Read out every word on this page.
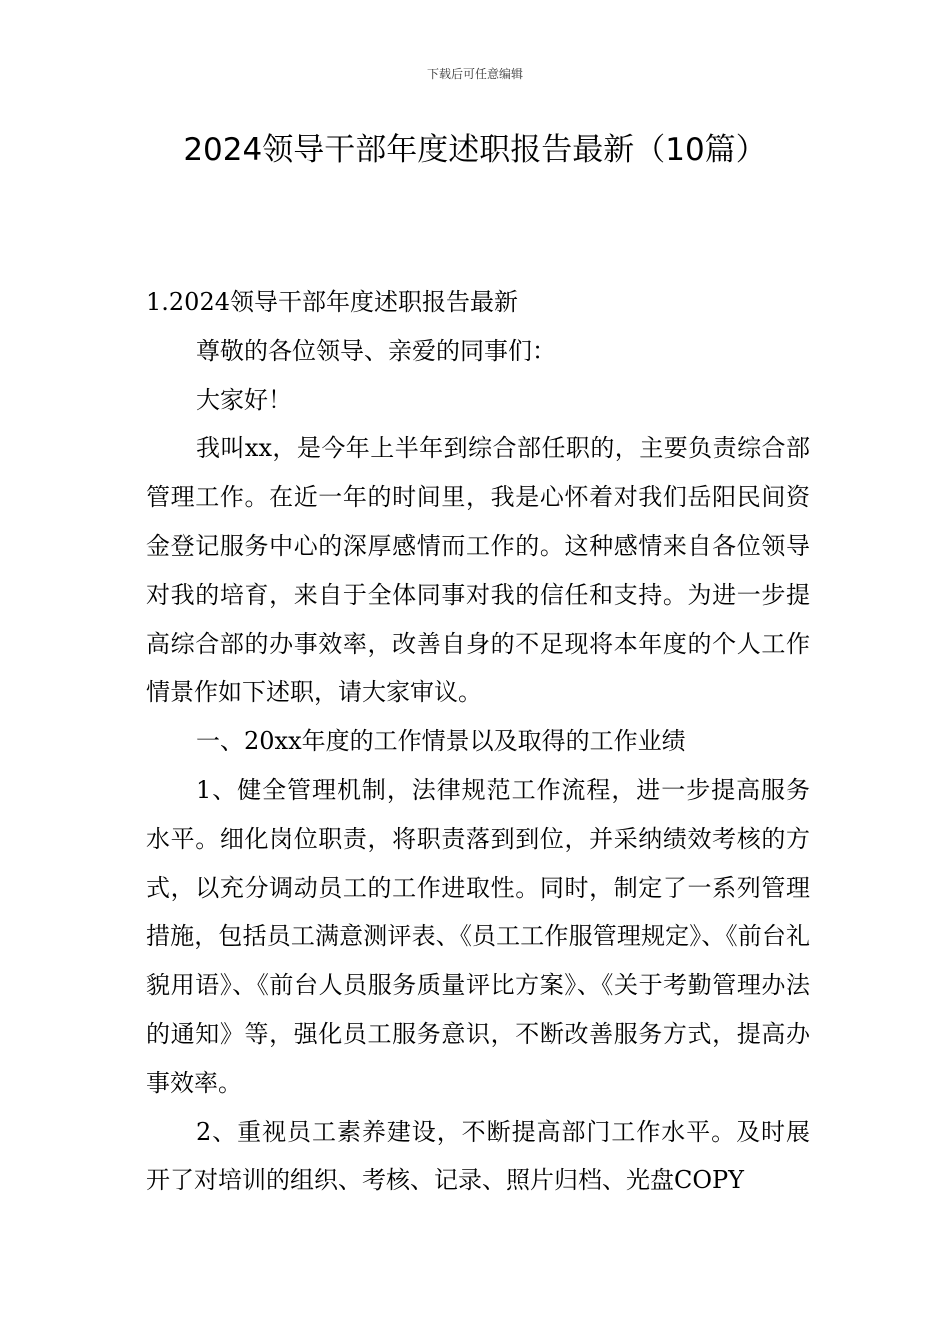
下载后可任意编辑
2024领导干部年度述职报告最新（10篇）

1.2024领导干部年度述职报告最新

尊敬的各位领导、亲爱的同事们：

大家好！

我叫xx，是今年上半年到综合部任职的，主要负责综合部管理工作。在近一年的时间里，我是心怀着对我们岳阳民间资金登记服务中心的深厚感情而工作的。这种感情来自各位领导对我的培育，来自于全体同事对我的信任和支持。为进一步提高综合部的办事效率，改善自身的不足现将本年度的个人工作情景作如下述职，请大家审议。

一、20xx年度的工作情景以及取得的工作业绩

1、健全管理机制，法律规范工作流程，进一步提高服务水平。细化岗位职责，将职责落到到位，并采纳绩效考核的方式，以充分调动员工的工作进取性。同时，制定了一系列管理措施，包括员工满意测评表、《员工工作服管理规定》、《前台礼貌用语》、《前台人员服务质量评比方案》、《关于考勤管理办法的通知》等，强化员工服务意识，不断改善服务方式，提高办事效率。

2、重视员工素养建设，不断提高部门工作水平。及时展开了对培训的组织、考核、记录、照片归档、光盘COPY
